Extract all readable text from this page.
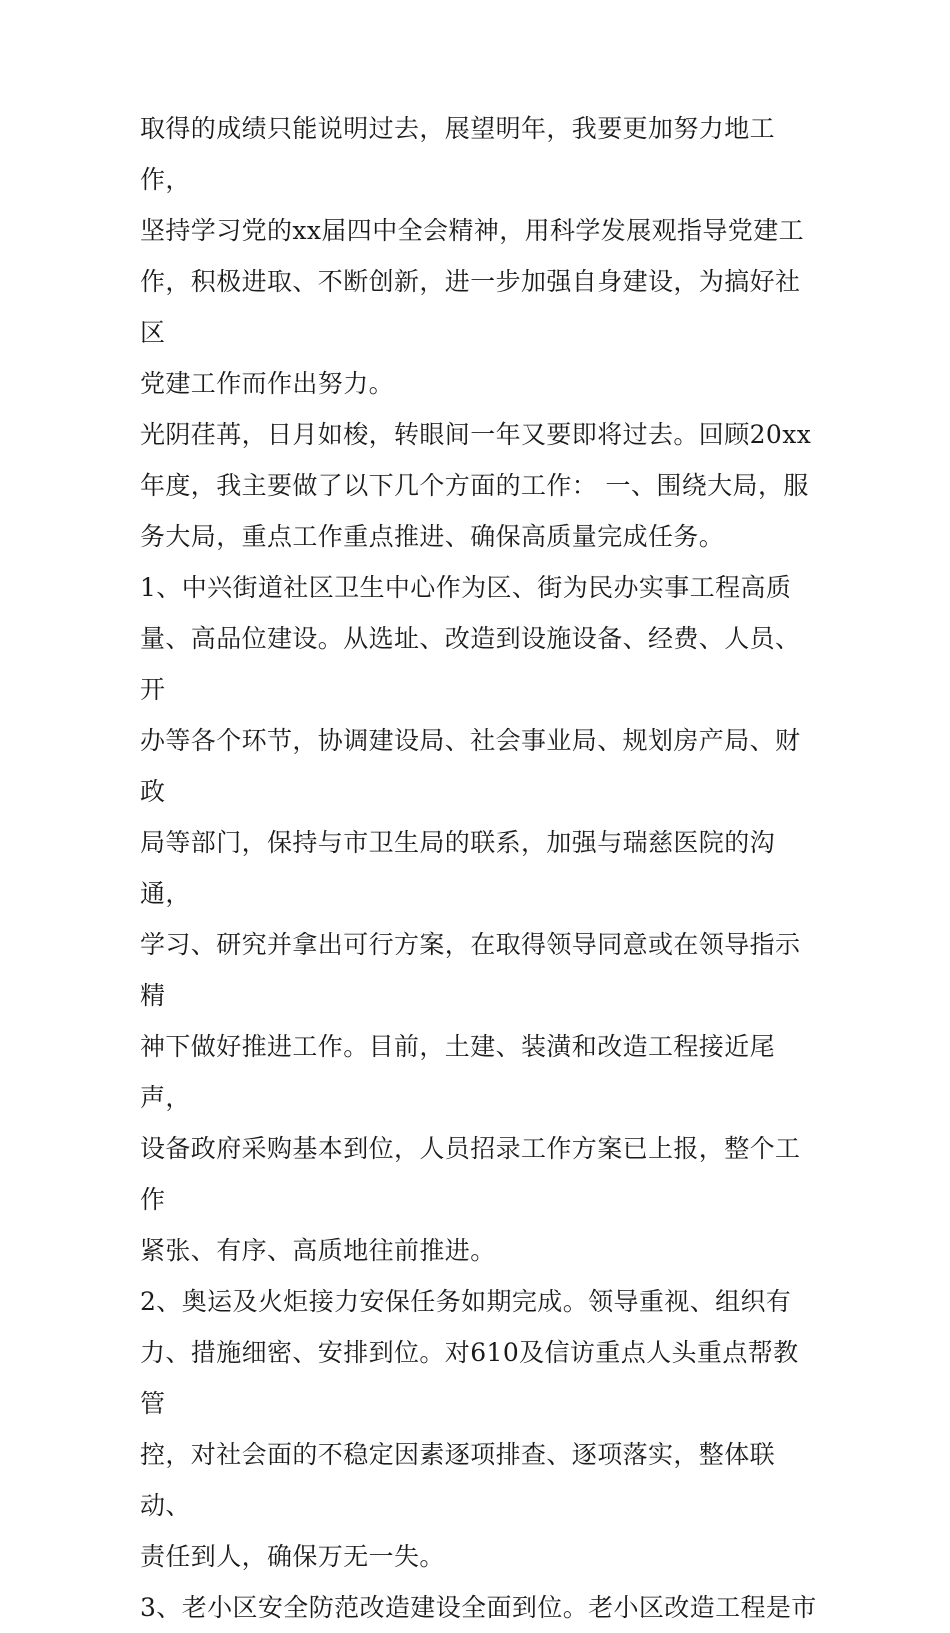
取得的成绩只能说明过去，展望明年，我要更加努力地工作，
坚持学习党的xx届四中全会精神，用科学发展观指导党建工
作，积极进取、不断创新，进一步加强自身建设，为搞好社区
党建工作而作出努力。

光阴荏苒，日月如梭，转眼间一年又要即将过去。回顾20xx
年度，我主要做了以下几个方面的工作： 一、围绕大局，服
务大局，重点工作重点推进、确保高质量完成任务。

1、中兴街道社区卫生中心作为区、街为民办实事工程高质
量、高品位建设。从选址、改造到设施设备、经费、人员、开
办等各个环节，协调建设局、社会事业局、规划房产局、财政
局等部门，保持与市卫生局的联系，加强与瑞慈医院的沟通，
学习、研究并拿出可行方案，在取得领导同意或在领导指示精
神下做好推进工作。目前，土建、装潢和改造工程接近尾声，
设备政府采购基本到位，人员招录工作方案已上报，整个工作
紧张、有序、高质地往前推进。

2、奥运及火炬接力安保任务如期完成。领导重视、组织有
力、措施细密、安排到位。对610及信访重点人头重点帮教管
控，对社会面的不稳定因素逐项排查、逐项落实，整体联动、
责任到人，确保万无一失。

3、老小区安全防范改造建设全面到位。老小区改造工程是市
